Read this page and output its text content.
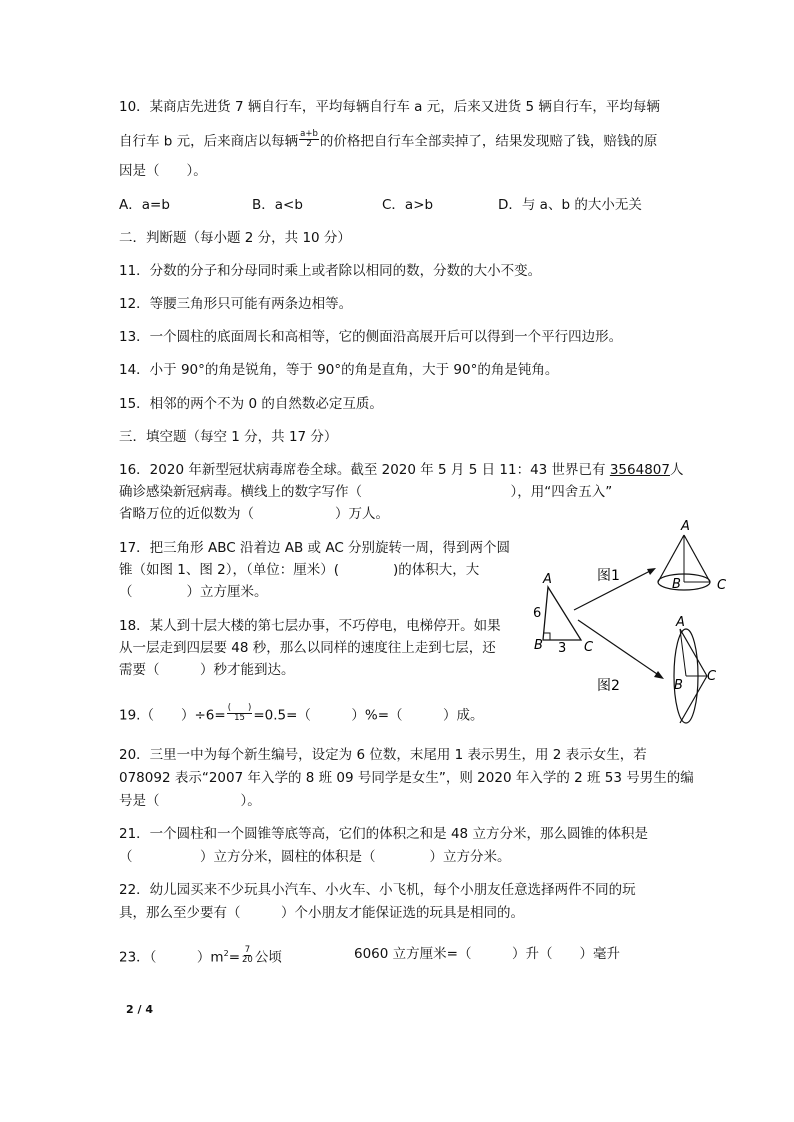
10．某商店先进货 7 辆自行车，平均每辆自行车 a 元，后来又进货 5 辆自行车，平均每辆
自行车 b 元，后来商店以每辆 $\frac{a+b}{2}$ 的价格把自行车全部卖掉了，结果发现赔了钱，赔钱的原
因是（　　）。
A．a=b	B．a<b	C．a>b	D．与 a、b 的大小无关
二．判断题（每小题 2 分，共 10 分）
11．分数的分子和分母同时乘上或者除以相同的数，分数的大小不变。
12．等腰三角形只可能有两条边相等。
13．一个圆柱的底面周长和高相等，它的侧面沿高展开后可以得到一个平行四边形。
14．小于 90°的角是锐角，等于 90°的角是直角，大于 90°的角是钝角。
15．相邻的两个不为 0 的自然数必定互质。
三．填空题（每空 1 分，共 17 分）
16．2020 年新型冠状病毒席卷全球。截至 2020 年 5 月 5 日 11：43 世界已有 3564807人
确诊感染新冠病毒。横线上的数字写作（　　　　　　　　　　　），用“四舍五入”
省略万位的近似数为（　　　　　　）万人。
17．把三角形 ABC 沿着边 AB 或 AC 分别旋转一周，得到两个圆
锥（如图 1、图 2），（单位：厘米）(　　　　)的体积大，大
（　　　　）立方厘米。
18．某人到十层大楼的第七层办事，不巧停电，电梯停开。如果
从一层走到四层要 48 秒，那么以同样的速度往上走到七层，还
需要（　　　）秒才能到达。
19.（　　）$\div 6= \frac{( )}{15} =0.5=$（　　　）%=（　　　）成。
20．三里一中为每个新生编号，设定为 6 位数，末尾用 1 表示男生，用 2 表示女生，若
078092 表示“2007 年入学的 8 班 09 号同学是女生”，则 2020 年入学的 2 班 53 号男生的编
号是（　　　　　　）。
21．一个圆柱和一个圆锥等底等高，它们的体积之和是 48 立方分米，那么圆锥的体积是
（　　　　　）立方分米，圆柱的体积是（　　　　）立方分米。
22．幼儿园买来不少玩具小汽车、小火车、小飞机，每个小朋友任意选择两件不同的玩
具，那么至少要有（　　　）个小朋友才能保证选的玩具是相同的。
23．（　　　）$m^2= \frac{7}{20}$ 公顷	6060 立方厘米=（　　　）升（　　）毫升
A
B	C
6
3
图1
图2
A
B	C
A
B
C
2 / 4
